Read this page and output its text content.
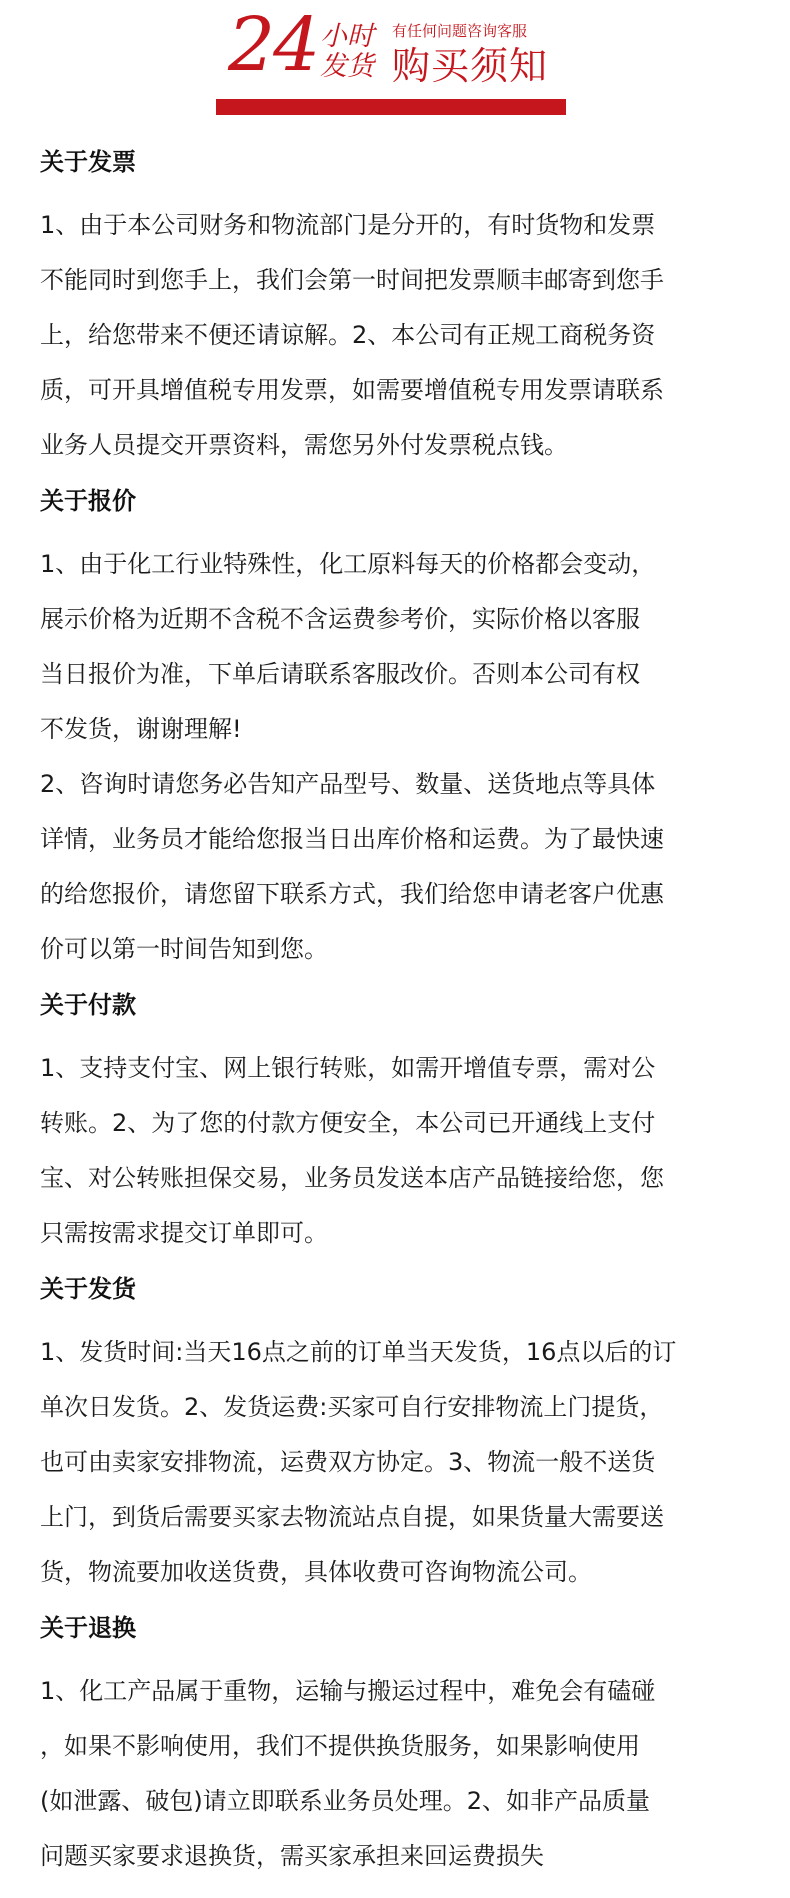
24 小时
发货
有任何问题咨询客服
购买须知
关于发票
1、由于本公司财务和物流部门是分开的，有时货物和发票
不能同时到您手上，我们会第一时间把发票顺丰邮寄到您手
上，给您带来不便还请谅解。2、本公司有正规工商税务资
质，可开具增值税专用发票，如需要增值税专用发票请联系
业务人员提交开票资料，需您另外付发票税点钱。
关于报价
1、由于化工行业特殊性，化工原料每天的价格都会变动，
展示价格为近期不含税不含运费参考价，实际价格以客服
当日报价为准，下单后请联系客服改价。否则本公司有权
不发货，谢谢理解!
2、咨询时请您务必告知产品型号、数量、送货地点等具体
详情，业务员才能给您报当日出库价格和运费。为了最快速
的给您报价，请您留下联系方式，我们给您申请老客户优惠
价可以第一时间告知到您。
关于付款
1、支持支付宝、网上银行转账，如需开增值专票，需对公
转账。2、为了您的付款方便安全，本公司已开通线上支付
宝、对公转账担保交易，业务员发送本店产品链接给您，您
只需按需求提交订单即可。
关于发货
1、发货时间:当天16点之前的订单当天发货，16点以后的订
单次日发货。2、发货运费:买家可自行安排物流上门提货，
也可由卖家安排物流，运费双方协定。3、物流一般不送货
上门，到货后需要买家去物流站点自提，如果货量大需要送
货，物流要加收送货费，具体收费可咨询物流公司。
关于退换
1、化工产品属于重物，运输与搬运过程中，难免会有磕碰
，如果不影响使用，我们不提供换货服务，如果影响使用
(如泄露、破包)请立即联系业务员处理。2、如非产品质量
问题买家要求退换货，需买家承担来回运费损失
